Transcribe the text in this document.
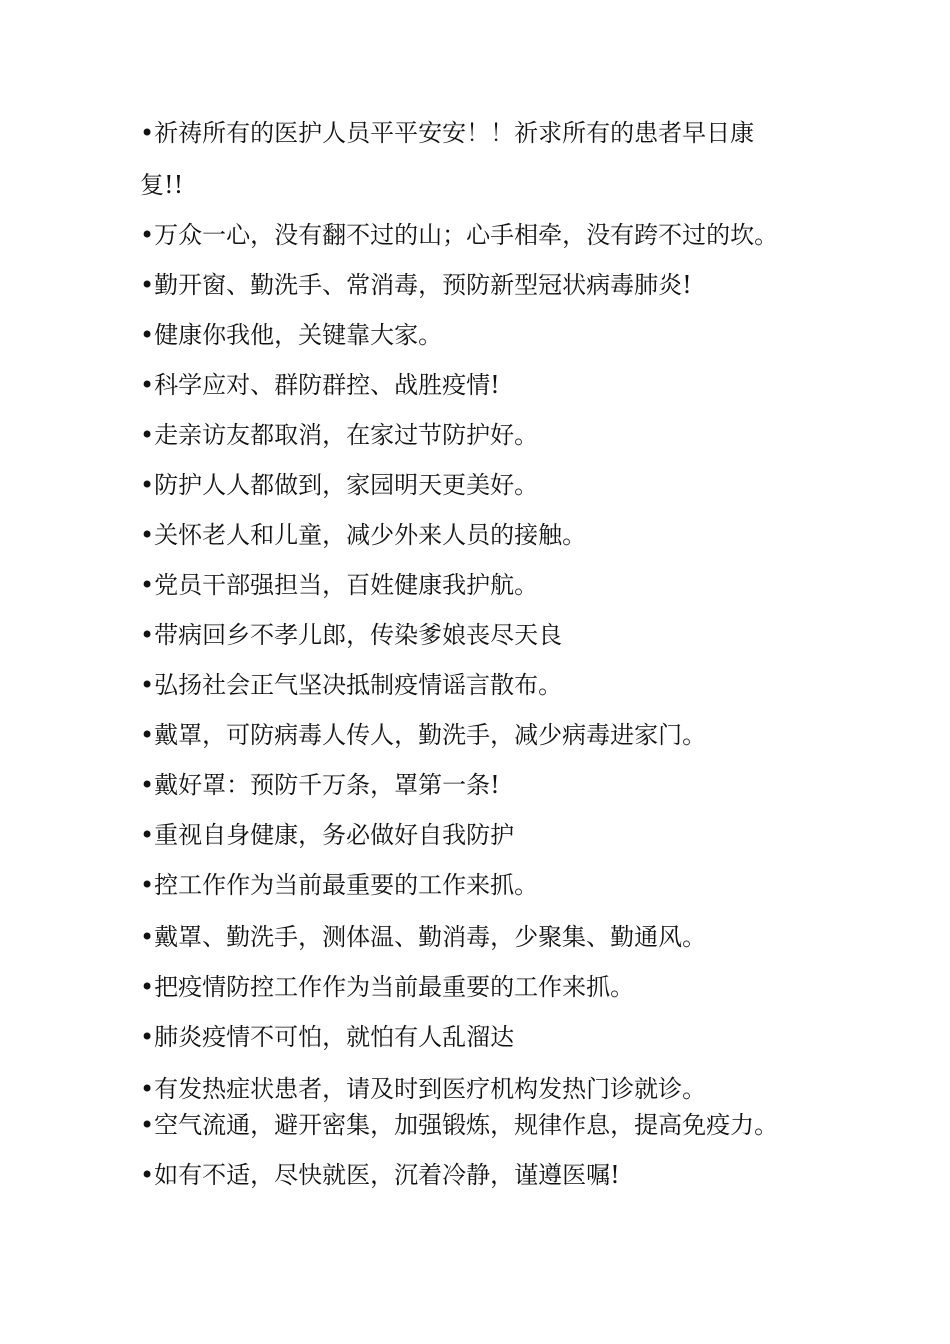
•祈祷所有的医护人员平平安安！！祈求所有的患者早日康
复!!
•万众一心，没有翻不过的山；心手相牵，没有跨不过的坎。
•勤开窗、勤洗手、常消毒，预防新型冠状病毒肺炎!
•健康你我他，关键靠大家。
•科学应对、群防群控、战胜疫情!
•走亲访友都取消，在家过节防护好。
•防护人人都做到，家园明天更美好。
•关怀老人和儿童，减少外来人员的接触。
•党员干部强担当，百姓健康我护航。
•带病回乡不孝儿郎，传染爹娘丧尽天良
•弘扬社会正气坚决抵制疫情谣言散布。
•戴罩，可防病毒人传人，勤洗手，减少病毒进家门。
•戴好罩：预防千万条，罩第一条!
•重视自身健康，务必做好自我防护
•控工作作为当前最重要的工作来抓。
•戴罩、勤洗手，测体温、勤消毒，少聚集、勤通风。
•把疫情防控工作作为当前最重要的工作来抓。
•肺炎疫情不可怕，就怕有人乱溜达
•有发热症状患者，请及时到医疗机构发热门诊就诊。
•空气流通，避开密集，加强锻炼，规律作息，提高免疫力。
•如有不适，尽快就医，沉着冷静，谨遵医嘱!
